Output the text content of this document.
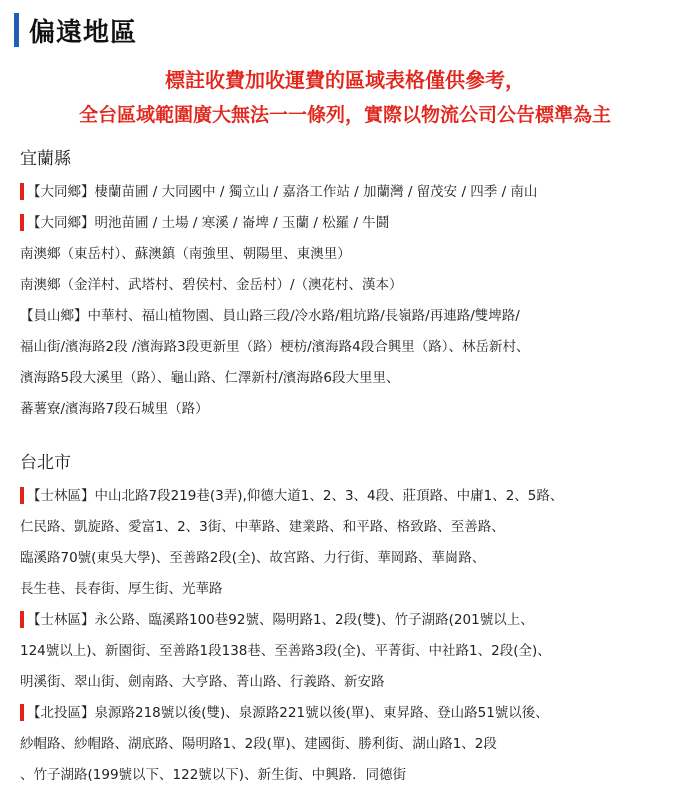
偏遠地區
標註收費加收運費的區域表格僅供參考，
全台區域範圍廣大無法一一條列，實際以物流公司公告標準為主
宜蘭縣
【大同鄉】棲蘭苗圃 / 大同國中 / 獨立山 / 嘉洛工作站 / 加蘭灣 / 留茂安 / 四季 / 南山
【大同鄉】明池苗圃 / 土場 / 寒溪 / 崙埤 / 玉蘭 / 松羅 / 牛鬪
南澳鄉（東岳村）、蘇澳鎮（南強里、朝陽里、東澳里）
南澳鄉（金洋村、武塔村、碧侯村、金岳村）/（澳花村、漢本）
【員山鄉】中華村、福山植物園、員山路三段/冷水路/粗坑路/長嶺路/再連路/雙埤路/
福山街/濱海路2段 /濱海路3段更新里（路）梗枋/濱海路4段合興里（路）、林岳新村、
濱海路5段大溪里（路）、龜山路、仁澤新村/濱海路6段大里里、
蕃薯寮/濱海路7段石城里（路）
台北市
【士林區】中山北路7段219巷(3弄),仰德大道1、2、3、4段、莊頂路、中庸1、2、5路、
仁民路、凱旋路、愛富1、2、3街、中華路、建業路、和平路、格致路、至善路、
臨溪路70號(東吳大學)、至善路2段(全)、故宮路、力行街、華岡路、華崗路、
長生巷、長春街、厚生街、光華路
【士林區】永公路、臨溪路100巷92號、陽明路1、2段(雙)、竹子湖路(201號以上、
124號以上)、新園街、至善路1段138巷、至善路3段(全)、平菁街、中社路1、2段(全)、
明溪街、翠山街、劍南路、大亨路、菁山路、行義路、新安路
【北投區】泉源路218號以後(雙)、泉源路221號以後(單)、東昇路、登山路51號以後、
紗帽路、紗帽路、湖底路、陽明路1、2段(單)、建國街、勝利街、湖山路1、2段
、竹子湖路(199號以下、122號以下)、新生街、中興路．同德街
